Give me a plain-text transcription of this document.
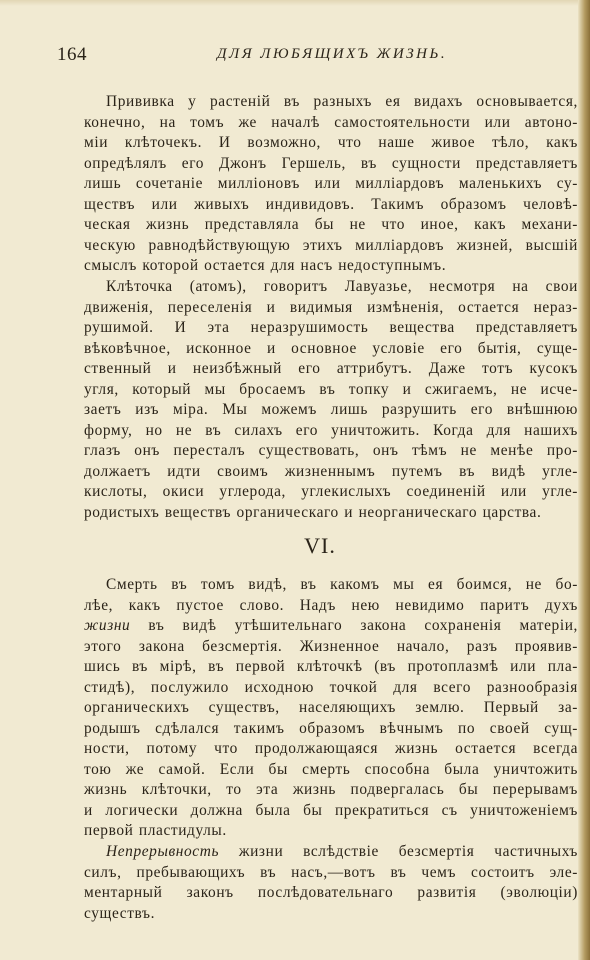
164	ДЛЯ ЛЮБЯЩИХЪ ЖИЗНЬ.
Прививка у растенiй въ разныхъ ея видахъ основывается,
конечно, на томъ же началѣ самостоятельности или автоно-
мiи клѣточекъ. И возможно, что наше живое тѣло, какъ
опредѣлялъ его Джонъ Гершель, въ сущности представляетъ
лишь сочетанiе миллiоновъ или миллiардовъ маленькихъ су-
ществъ или живыхъ индивидовъ. Такимъ образомъ человѣ-
ческая жизнь представляла бы не что иное, какъ механи-
ческую равнодѣйствующую этихъ миллiардовъ жизней, высшiй
смыслъ которой остается для насъ недоступнымъ.
Клѣточка (атомъ), говоритъ Лавуазье, несмотря на свои
движенiя, переселенiя и видимыя измѣненiя, остается нераз-
рушимой. И эта неразрушимость вещества представляетъ
вѣковѣчное, исконное и основное условiе его бытiя, суще-
ственный и неизбѣжный его аттрибутъ. Даже тотъ кусокъ
угля, который мы бросаемъ въ топку и сжигаемъ, не исче-
заетъ изъ мiра. Мы можемъ лишь разрушить его внѣшнюю
форму, но не въ силахъ его уничтожить. Когда для нашихъ
глазъ онъ пересталъ существовать, онъ тѣмъ не менѣе про-
должаетъ идти своимъ жизненнымъ путемъ въ видѣ угле-
кислоты, окиси углерода, углекислыхъ соединенiй или угле-
родистыхъ веществъ органическаго и неорганическаго царства.
VI.
Смерть въ томъ видѣ, въ какомъ мы ея боимся, не бо-
лѣе, какъ пустое слово. Надъ нею невидимо паритъ духъ
жизни въ видѣ утѣшительнаго закона сохраненiя матерiи,
этого закона безсмертiя. Жизненное начало, разъ проявив-
шись въ мiрѣ, въ первой клѣточкѣ (въ протоплазмѣ или пла-
стидѣ), послужило исходною точкой для всего разнообразiя
органическихъ существъ, населяющихъ землю. Первый за-
родышъ сдѣлался такимъ образомъ вѣчнымъ по своей сущ-
ности, потому что продолжающаяся жизнь остается всегда
тою же самой. Если бы смерть способна была уничтожить
жизнь клѣточки, то эта жизнь подвергалась бы перерывамъ
и логически должна была бы прекратиться съ уничтоженiемъ
первой пластидулы.
Непрерывность жизни вслѣдствiе безсмертiя частичныхъ
силъ, пребывающихъ въ насъ,—вотъ въ чемъ состоитъ эле-
ментарный законъ послѣдовательнаго развитiя (эволюцiи)
существъ.
